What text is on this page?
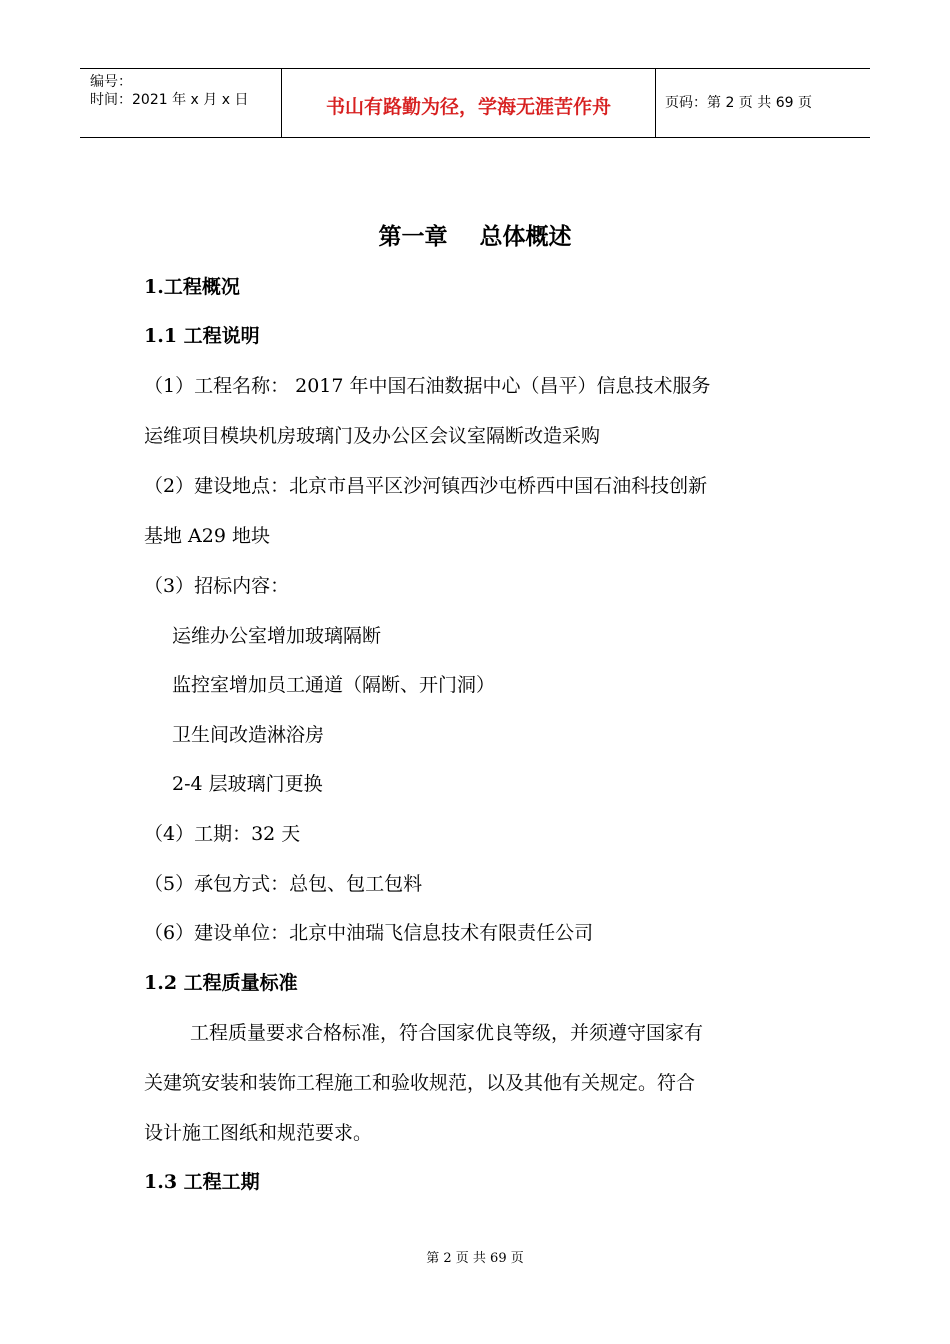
编号：
时间：2021 年 x 月 x 日	书山有路勤为径，学海无涯苦作舟	页码：第 2 页 共 69 页
第一章    总体概述
1.工程概况
1.1 工程说明
（1）工程名称： 2017 年中国石油数据中心（昌平）信息技术服务
运维项目模块机房玻璃门及办公区会议室隔断改造采购
（2）建设地点：北京市昌平区沙河镇西沙屯桥西中国石油科技创新
基地 A29 地块
（3）招标内容：
运维办公室增加玻璃隔断
监控室增加员工通道（隔断、开门洞）
卫生间改造淋浴房
2-4 层玻璃门更换
（4）工期：32 天
（5）承包方式：总包、包工包料
（6）建设单位：北京中油瑞飞信息技术有限责任公司
1.2 工程质量标准
工程质量要求合格标准，符合国家优良等级，并须遵守国家有
关建筑安装和装饰工程施工和验收规范，以及其他有关规定。符合
设计施工图纸和规范要求。
1.3 工程工期
第 2 页 共 69 页
